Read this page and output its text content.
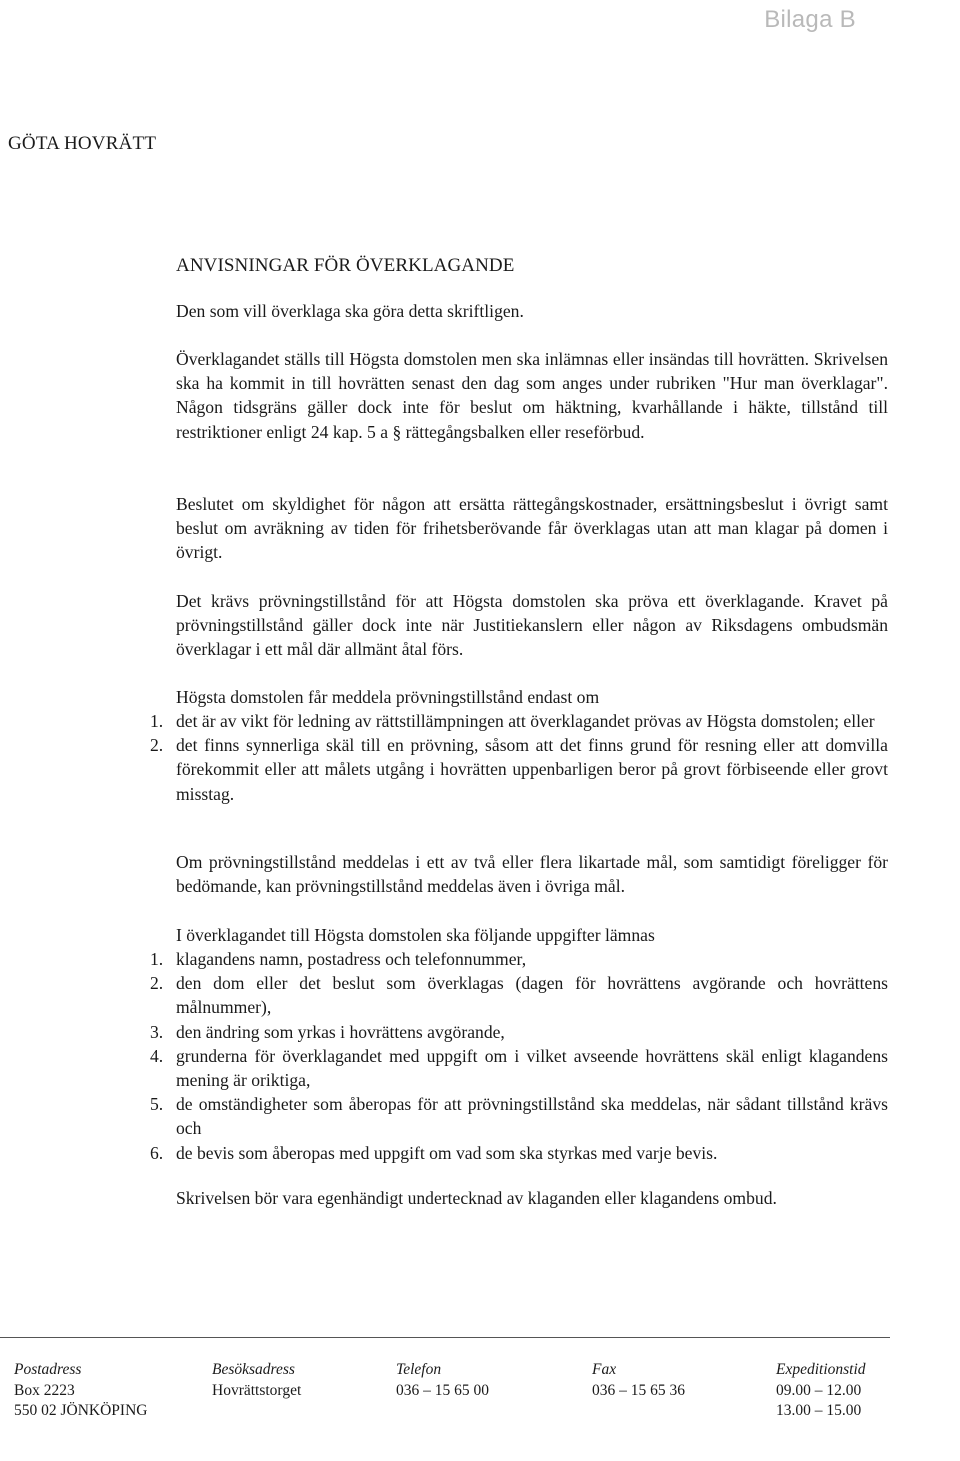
Bilaga B
GÖTA HOVRÄTT
ANVISNINGAR FÖR ÖVERKLAGANDE

Den som vill överklaga ska göra detta skriftligen.

Överklagandet ställs till Högsta domstolen men ska inlämnas eller insändas till hovrätten. Skrivelsen ska ha kommit in till hovrätten senast den dag som anges under rubriken "Hur man överklagar". Någon tidsgräns gäller dock inte för beslut om häktning, kvarhållande i häkte, tillstånd till restriktioner enligt 24 kap. 5 a § rättegångsbalken eller reseförbud.

Beslutet om skyldighet för någon att ersätta rättegångskostnader, ersättningsbeslut i övrigt samt beslut om avräkning av tiden för frihetsberövande får överklagas utan att man klagar på domen i övrigt.

Det krävs prövningstillstånd för att Högsta domstolen ska pröva ett överklagande. Kravet på prövningstillstånd gäller dock inte när Justitiekanslern eller någon av Riksdagens ombudsmän överklagar i ett mål där allmänt åtal förs.

Högsta domstolen får meddela prövningstillstånd endast om

1. det är av vikt för ledning av rättstillämpningen att överklagandet prövas av Högsta domstolen; eller
2. det finns synnerliga skäl till en prövning, såsom att det finns grund för resning eller att domvilla förekommit eller att målets utgång i hovrätten uppenbarligen beror på grovt förbiseende eller grovt misstag.

Om prövningstillstånd meddelas i ett av två eller flera likartade mål, som samtidigt föreligger för bedömande, kan prövningstillstånd meddelas även i övriga mål.

I överklagandet till Högsta domstolen ska följande uppgifter lämnas

1. klagandens namn, postadress och telefonnummer,
2. den dom eller det beslut som överklagas (dagen för hovrättens avgörande och hovrättens målnummer),
3. den ändring som yrkas i hovrättens avgörande,
4. grunderna för överklagandet med uppgift om i vilket avseende hovrättens skäl enligt klagandens mening är oriktiga,
5. de omständigheter som åberopas för att prövningstillstånd ska meddelas, när sådant tillstånd krävs och
6. de bevis som åberopas med uppgift om vad som ska styrkas med varje bevis.

Skrivelsen bör vara egenhändigt undertecknad av klaganden eller klagandens ombud.

Postadress
Box 2223
550 02 JÖNKÖPING
Besöksadress
Hovrättstorget
Telefon
036 – 15 65 00
Fax
036 – 15 65 36
Expeditionstid
09.00 – 12.00
13.00 – 15.00
